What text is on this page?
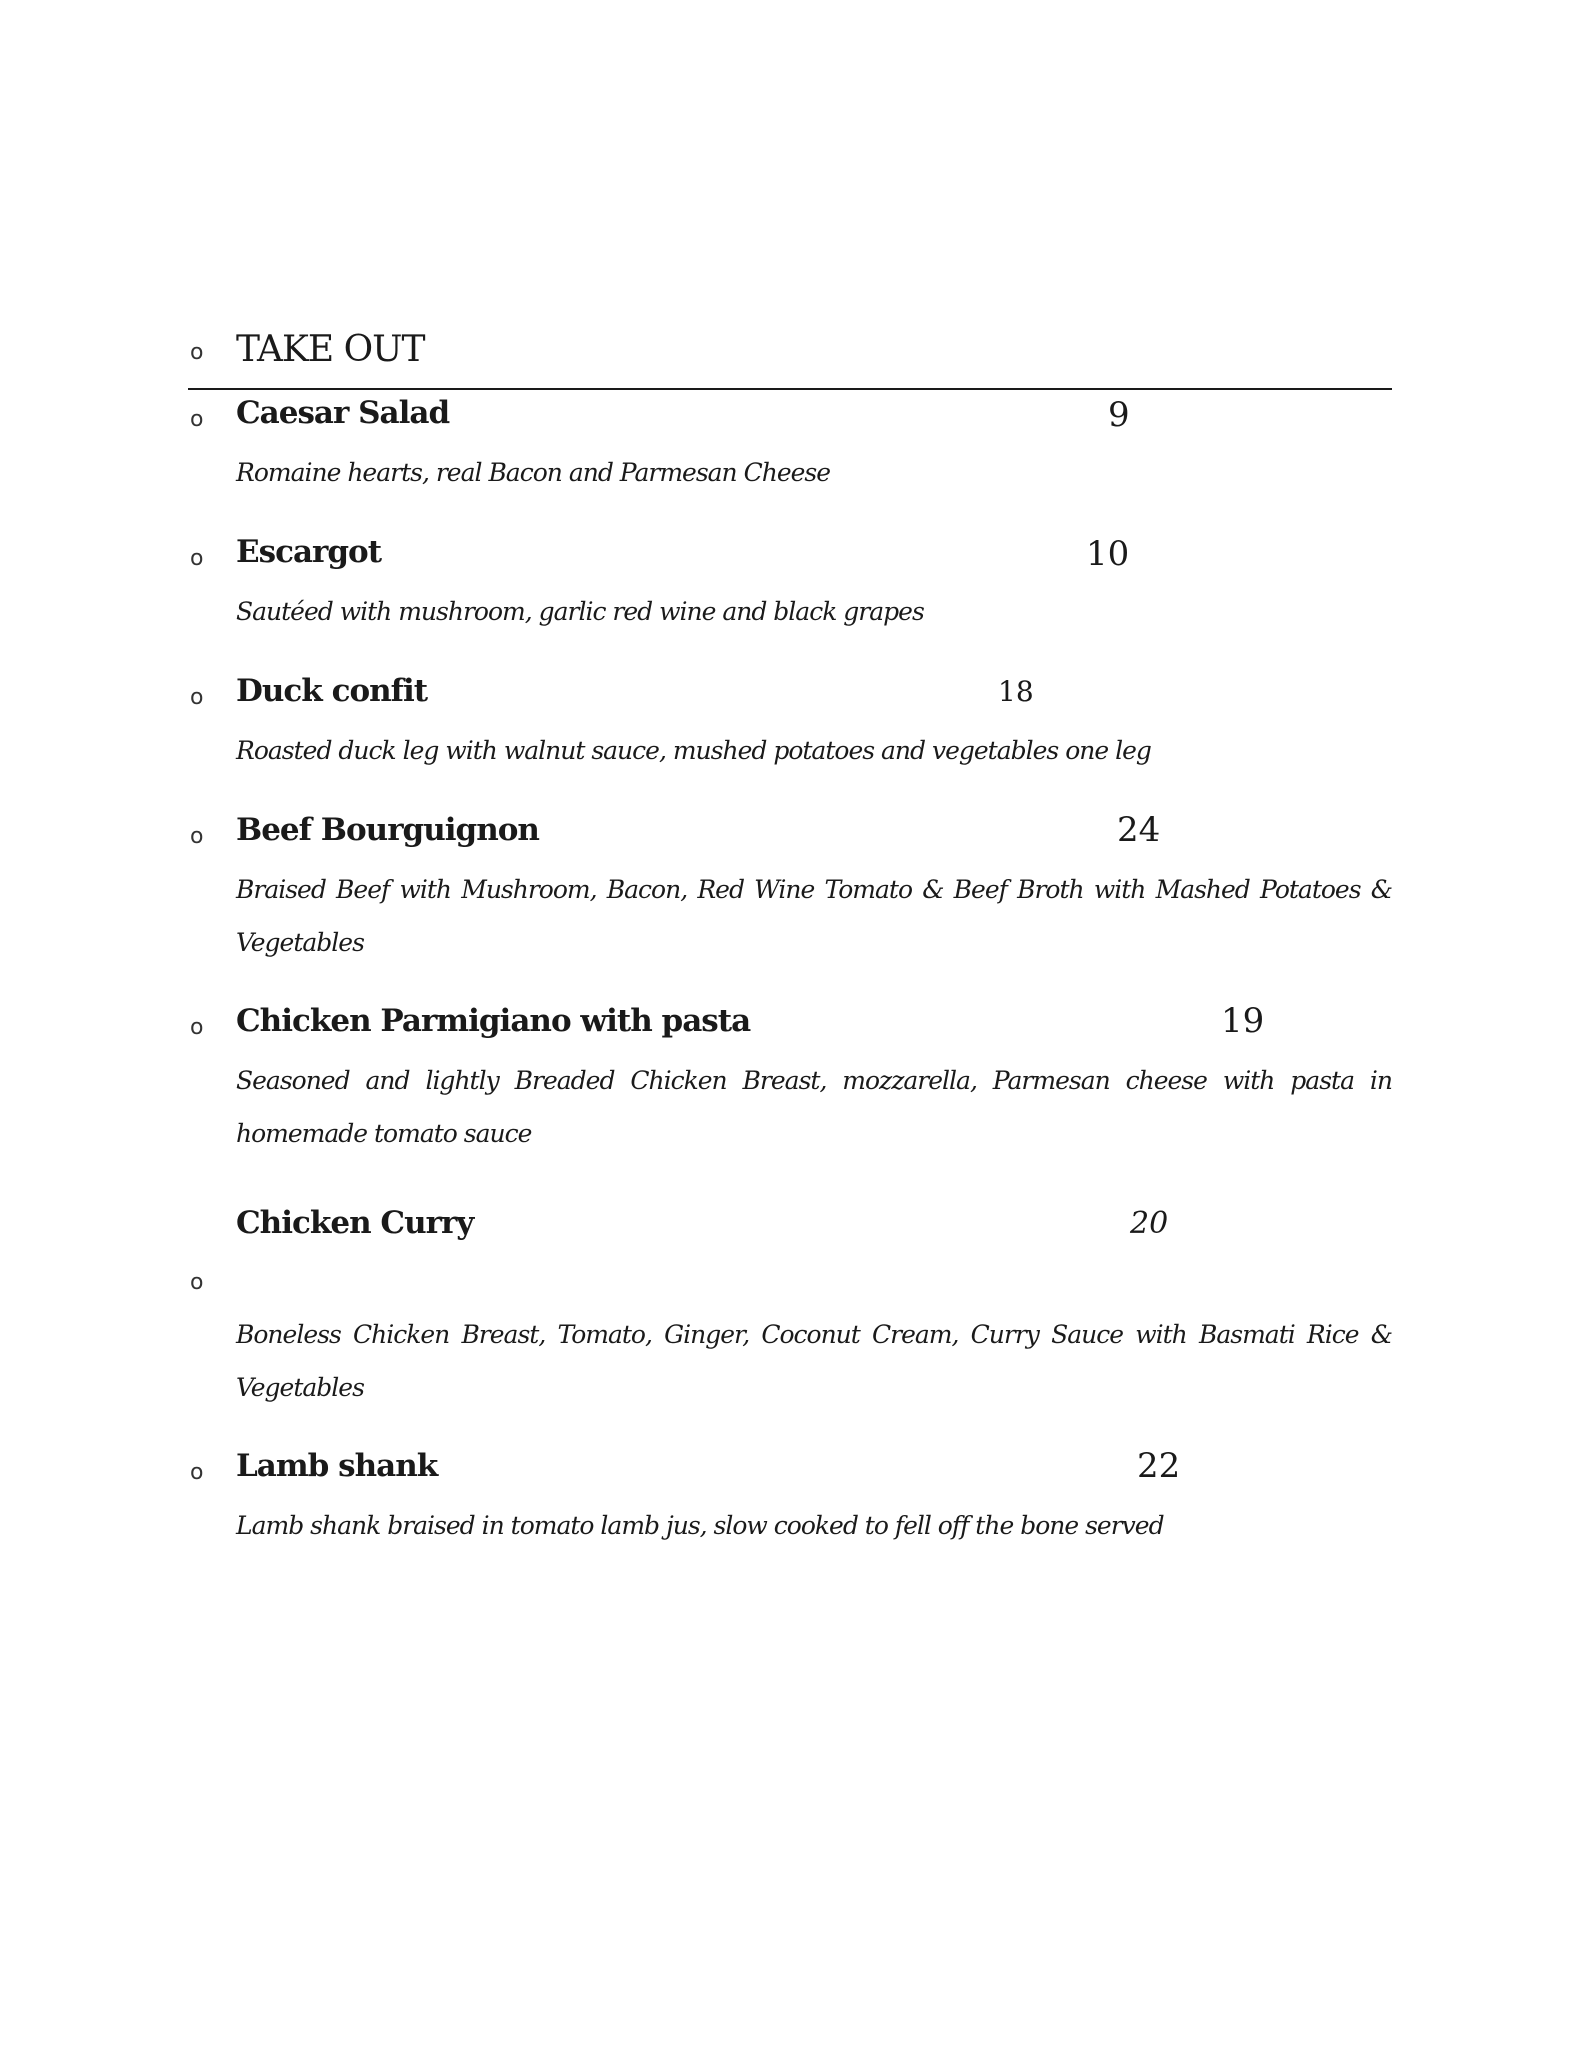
o TAKE OUT
o Caesar Salad	9
Romaine hearts, real Bacon and Parmesan Cheese
o Escargot	10
Sautéed with mushroom, garlic red wine and black grapes
o Duck confit	18
Roasted duck leg with walnut sauce, mushed potatoes and vegetables one leg
o Beef Bourguignon	24
Braised Beef with Mushroom, Bacon, Red Wine Tomato & Beef Broth with Mashed Potatoes & Vegetables
o Chicken Parmigiano with pasta	19
Seasoned and lightly Breaded Chicken Breast, mozzarella, Parmesan cheese with pasta in homemade tomato sauce
Chicken Curry	20
o
Boneless Chicken Breast, Tomato, Ginger, Coconut Cream, Curry Sauce with Basmati Rice & Vegetables
o Lamb shank	22
Lamb shank braised in tomato lamb jus, slow cooked to fell off the bone served
